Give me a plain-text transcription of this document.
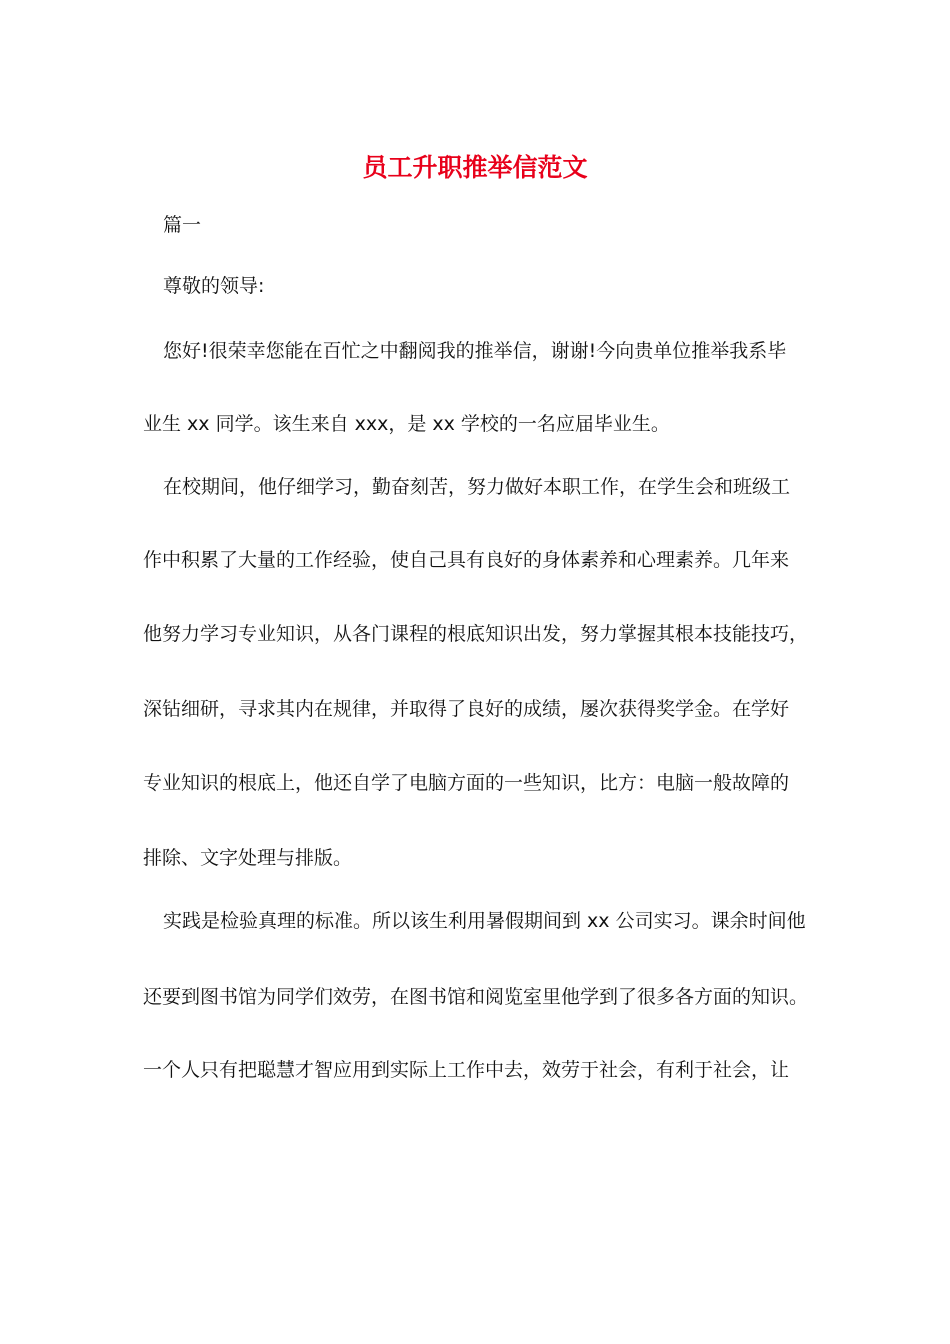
员工升职推举信范文
篇一
尊敬的领导:
您好!很荣幸您能在百忙之中翻阅我的推举信，谢谢!今向贵单位推举我系毕
业生 xx 同学。该生来自 xxx，是 xx 学校的一名应届毕业生。
在校期间，他仔细学习，勤奋刻苦，努力做好本职工作，在学生会和班级工
作中积累了大量的工作经验，使自己具有良好的身体素养和心理素养。几年来
他努力学习专业知识，从各门课程的根底知识出发，努力掌握其根本技能技巧，
深钻细研，寻求其内在规律，并取得了良好的成绩，屡次获得奖学金。在学好
专业知识的根底上，他还自学了电脑方面的一些知识，比方：电脑一般故障的
排除、文字处理与排版。
实践是检验真理的标准。所以该生利用暑假期间到 xx 公司实习。课余时间他
还要到图书馆为同学们效劳，在图书馆和阅览室里他学到了很多各方面的知识。
一个人只有把聪慧才智应用到实际上工作中去，效劳于社会，有利于社会，让
